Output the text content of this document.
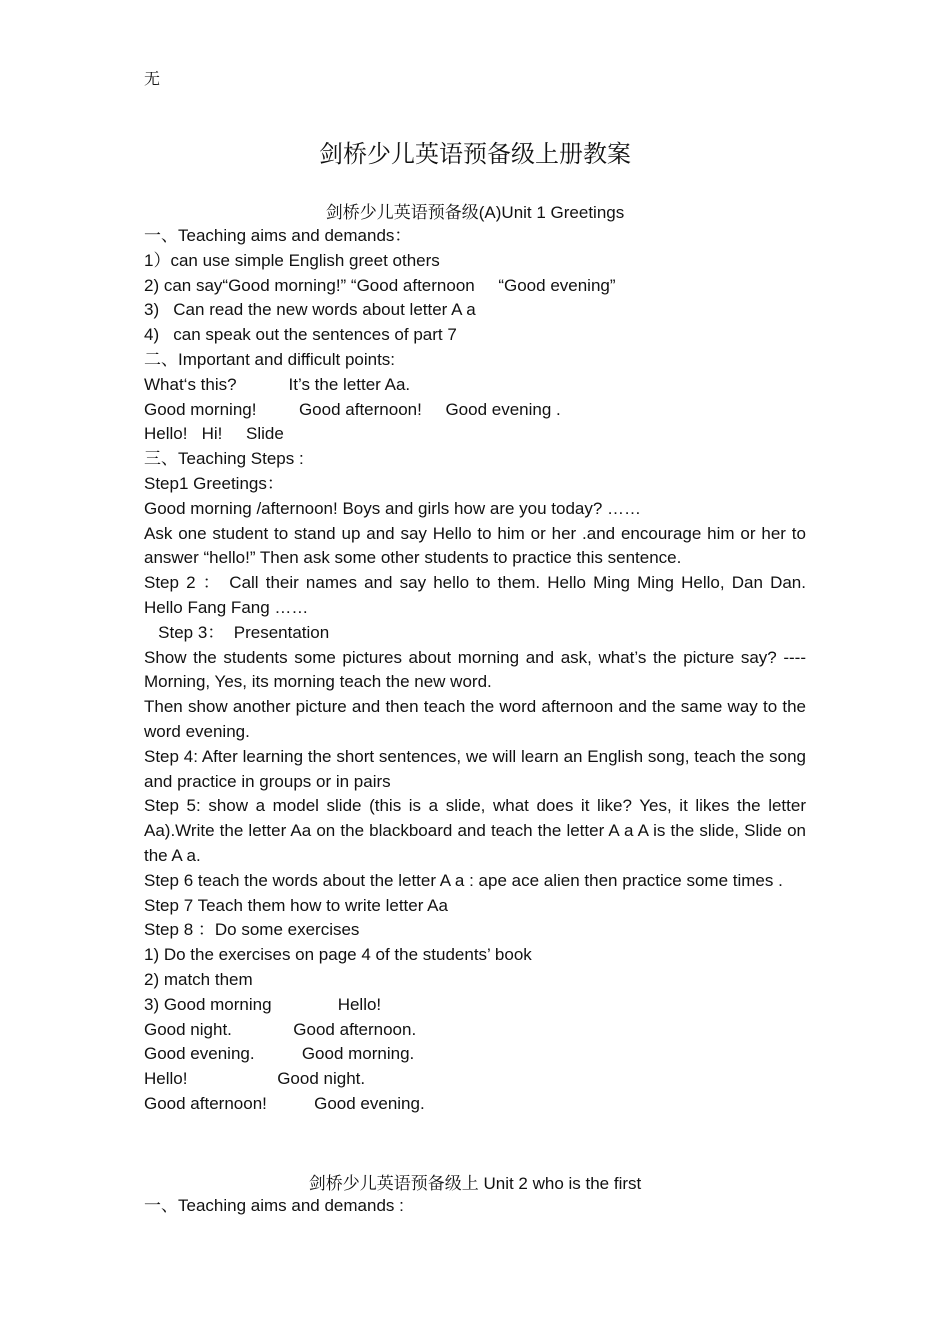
无
剑桥少儿英语预备级上册教案
剑桥少儿英语预备级(A)Unit 1 Greetings
一、Teaching aims and demands：
1）can use simple English greet others
2) can say“Good morning!” “Good afternoon     “Good evening”
3)   Can read the new words about letter A a
4)   can speak out the sentences of part 7
二、Important and difficult points:
What‘s this?           It’s the letter Aa.
Good morning!         Good afternoon!     Good evening .
Hello!   Hi!     Slide
三、Teaching Steps :
Step1 Greetings：
Good morning /afternoon! Boys and girls how are you today? ……
Ask one student to stand up and say Hello to him or her .and encourage him or her to answer “hello!” Then ask some other students to practice this sentence.
Step 2 ： Call their names and say hello to them. Hello Ming Ming Hello, Dan Dan. Hello Fang Fang ……
Step 3：  Presentation
Show the students some pictures about morning and ask, what’s the picture say? ----Morning, Yes, its morning teach the new word.
Then show another picture and then teach the word afternoon and the same way to the word evening.
Step 4: After learning the short sentences, we will learn an English song, teach the song and practice in groups or in pairs
Step 5: show a model slide (this is a slide, what does it like? Yes, it likes the letter Aa).Write the letter Aa on the blackboard and teach the letter A a A is the slide, Slide on the A a.
Step 6 teach the words about the letter A a : ape ace alien then practice some times .
Step 7 Teach them how to write letter Aa
Step 8 ：Do some exercises
1) Do the exercises on page 4 of the students’ book
2) match them
3) Good morning              Hello!
Good night.             Good afternoon.
Good evening.          Good morning.
Hello!                   Good night.
Good afternoon!          Good evening.
剑桥少儿英语预备级上 Unit 2 who is the first
一、Teaching aims and demands :
